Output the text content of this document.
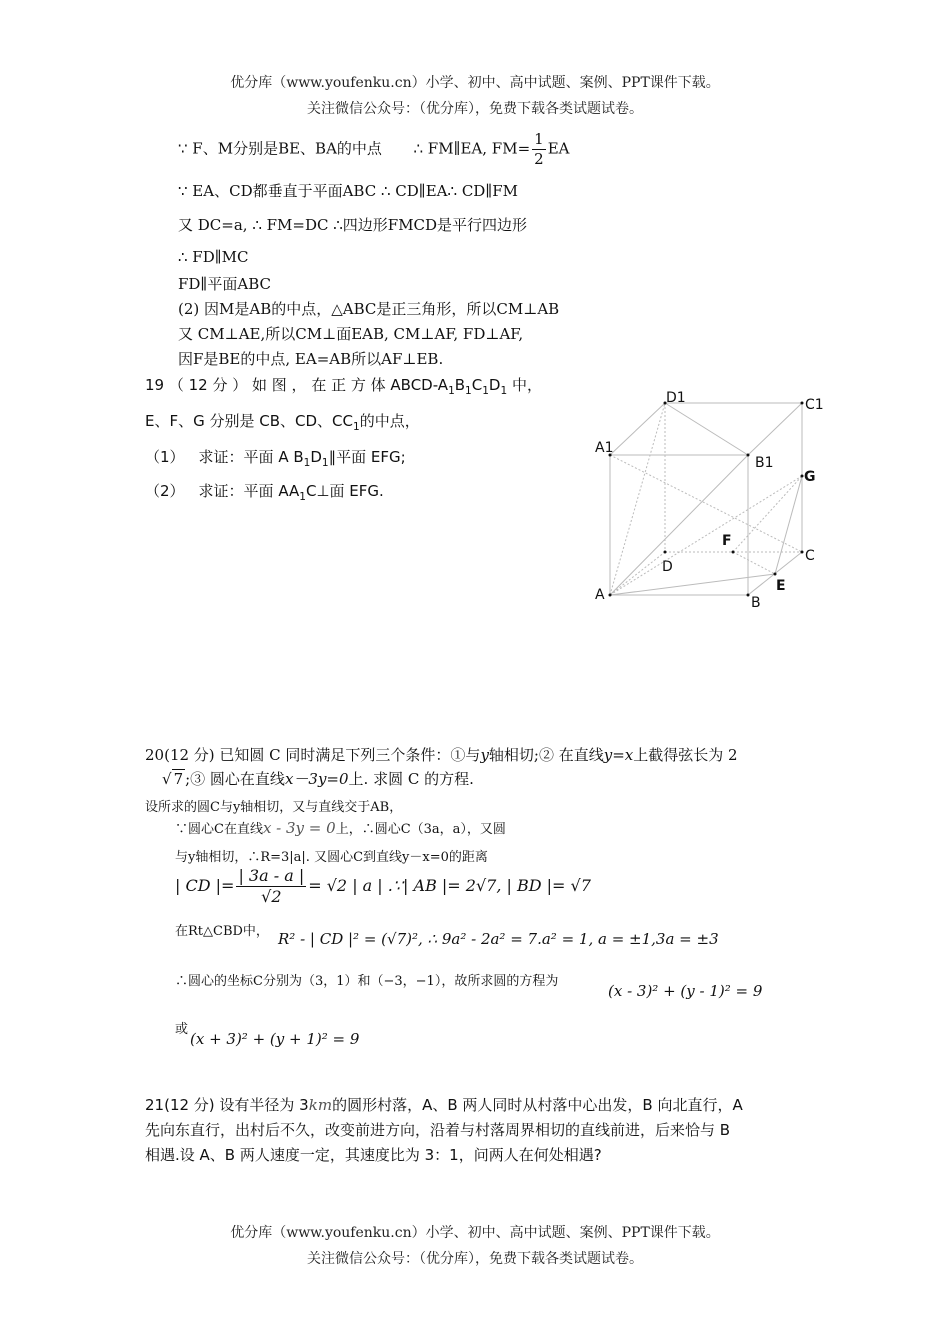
优分库（www.youfenku.cn）小学、初中、高中试题、案例、PPT课件下载。
关注微信公众号：（优分库），免费下载各类试题试卷。
∵ F、M分别是BE、BA的中点 ∴ FM∥EA, $FM= \frac{1}{2}$ EA
∵ EA、CD都垂直于平面ABC ∴ CD∥EA∴ CD∥FM
又 DC=a, ∴ FM=DC ∴四边形FMCD是平行四边形
∴ FD∥MC
FD∥平面ABC
(2) 因M是AB的中点，△ABC是正三角形，所以CM⊥AB
又 CM⊥AE,所以CM⊥面EAB, CM⊥AF, FD⊥AF,
因F是BE的中点, EA=AB所以AF⊥EB.
19 （ 12 分 ） 如 图 ， 在 正 方 体 ABCD-$A_1B_1C_1D_1$ 中，
E、F、G 分别是 CB、CD、$CC_1$的中点，
（1） 求证：平面 A $B_1D_1\parallel$平面 EFG;
（2） 求证：平面 $AA_1C\perp$面 EFG.
D1	C1
A1
B1
G
F
C
D
E
A	B
20(12 分) 已知圆 C 同时满足下列三个条件：①与y轴相切;② 在直线y=x上截得弦长为 2
√ 7 ;③ 圆心在直线x－3y=0上. 求圆 C 的方程.
设所求的圆C与y轴相切，又与直线交于AB，
∵圆心C在直线x - 3y = 0上，∴圆心C（3a，a），又圆
与y轴相切，∴R=3|a|. 又圆心C到直线y－x=0的距离
| CD |= $\frac{| 3a - a |}{√2} = √2$ | a | .∵| AB |= 2√7, | BD |= √7
在Rt△CBD中， R² - | CD |² = (√7)², ∴ 9a² - 2a² = 7.a² = 1, a = ±1,3a = ±3
∴圆心的坐标C分别为（3，1）和（−3，−1），故所求圆的方程为
(x - 3)² + (y - 1)² = 9
或
(x + 3)² + (y + 1)² = 9
21(12 分) 设有半径为 3km的圆形村落，A、B 两人同时从村落中心出发，B 向北直行，A
先向东直行，出村后不久，改变前进方向，沿着与村落周界相切的直线前进，后来恰与 B
相遇.设 A、B 两人速度一定，其速度比为 3：1，问两人在何处相遇?
优分库（www.youfenku.cn）小学、初中、高中试题、案例、PPT课件下载。
关注微信公众号：（优分库），免费下载各类试题试卷。
